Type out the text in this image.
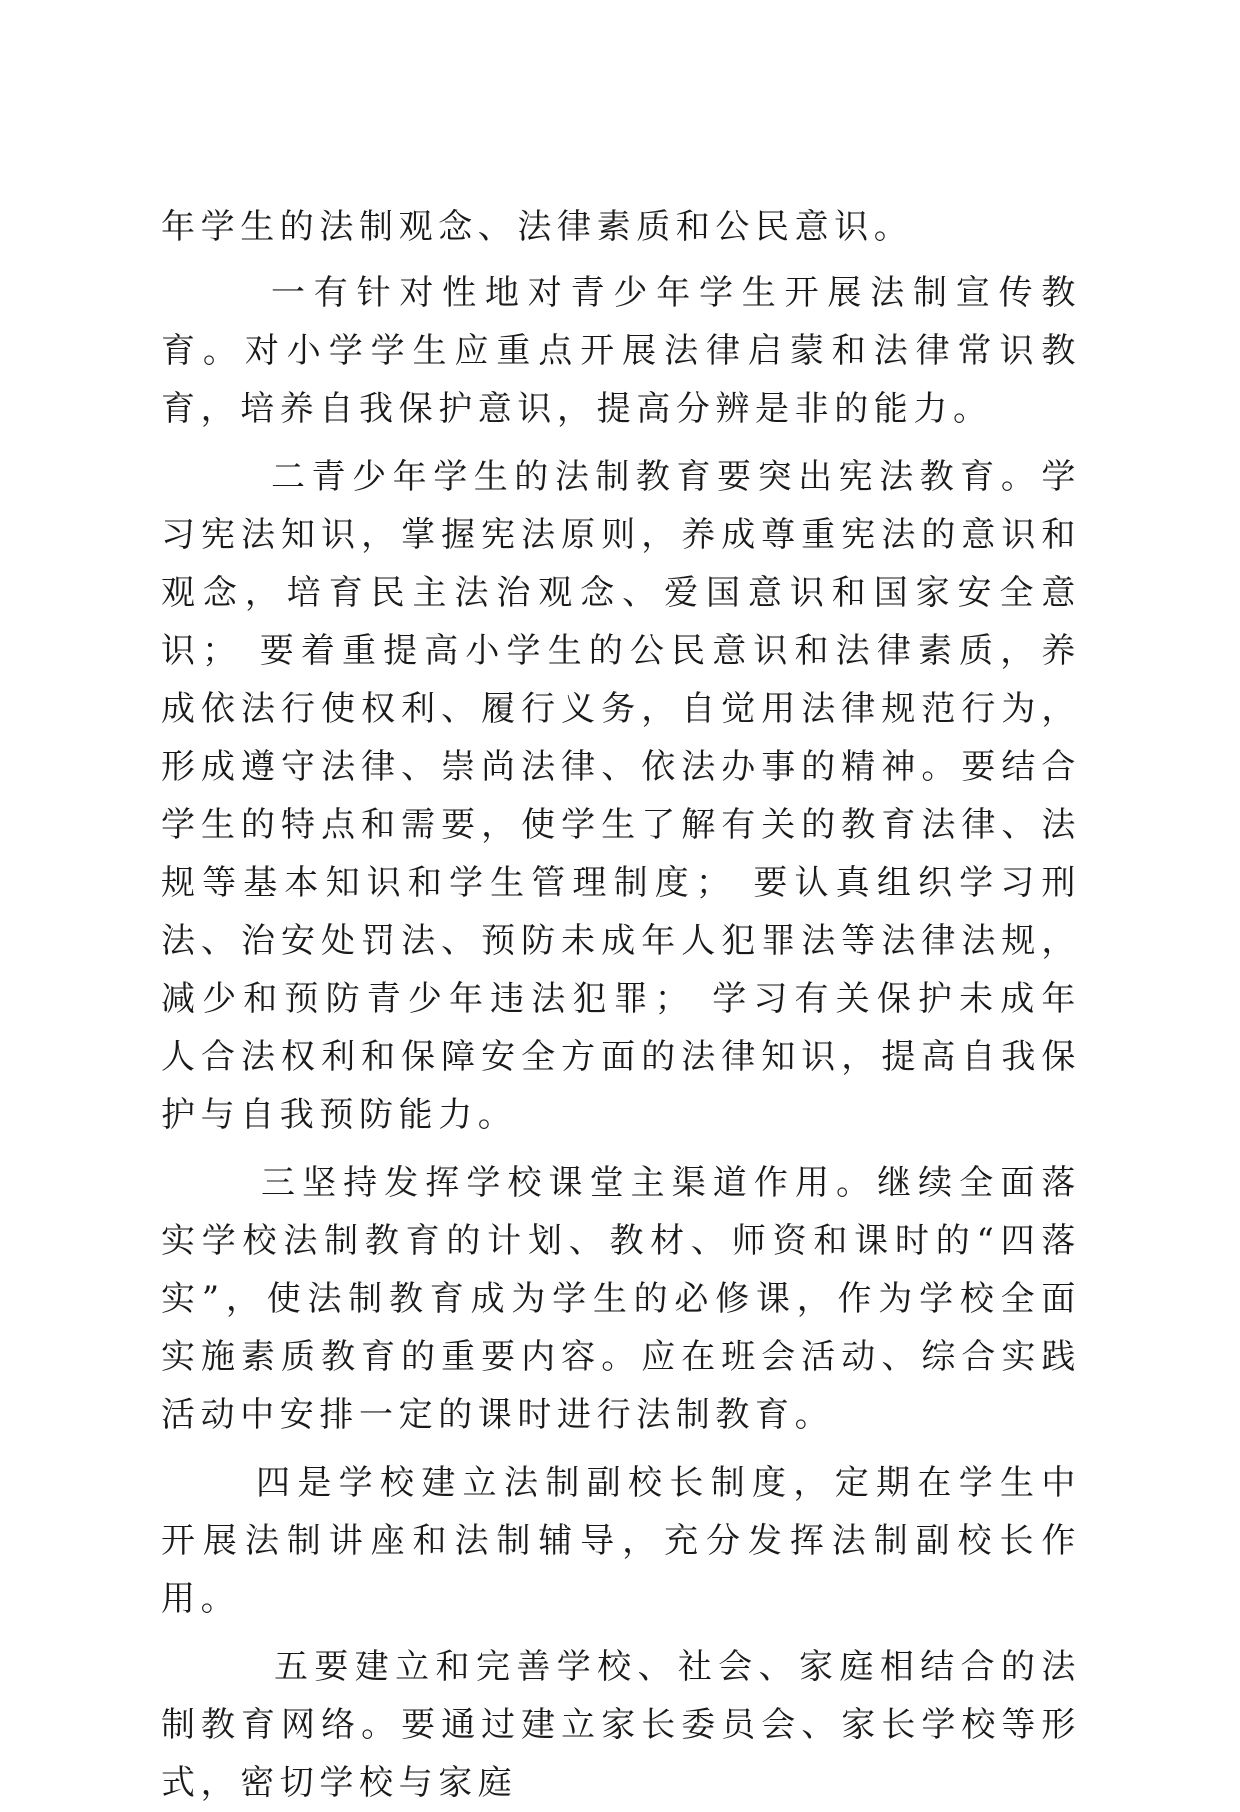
年学生的法制观念、法律素质和公民意识。

一有针对性地对青少年学生开展法制宣传教育。对小学学生应重点开展法律启蒙和法律常识教育，培养自我保护意识，提高分辨是非的能力。

二青少年学生的法制教育要突出宪法教育。学习宪法知识，掌握宪法原则，养成尊重宪法的意识和观念，培育民主法治观念、爱国意识和国家安全意识； 要着重提高小学生的公民意识和法律素质，养成依法行使权利、履行义务，自觉用法律规范行为，形成遵守法律、崇尚法律、依法办事的精神。要结合学生的特点和需要，使学生了解有关的教育法律、法规等基本知识和学生管理制度； 要认真组织学习刑法、治安处罚法、预防未成年人犯罪法等法律法规，减少和预防青少年违法犯罪； 学习有关保护未成年人合法权利和保障安全方面的法律知识，提高自我保护与自我预防能力。

三坚持发挥学校课堂主渠道作用。继续全面落实学校法制教育的计划、教材、师资和课时的“四落实”，使法制教育成为学生的必修课，作为学校全面实施素质教育的重要内容。应在班会活动、综合实践活动中安排一定的课时进行法制教育。

四是学校建立法制副校长制度，定期在学生中开展法制讲座和法制辅导，充分发挥法制副校长作用。

五要建立和完善学校、社会、家庭相结合的法制教育网络。要通过建立家长委员会、家长学校等形式，密切学校与家庭
